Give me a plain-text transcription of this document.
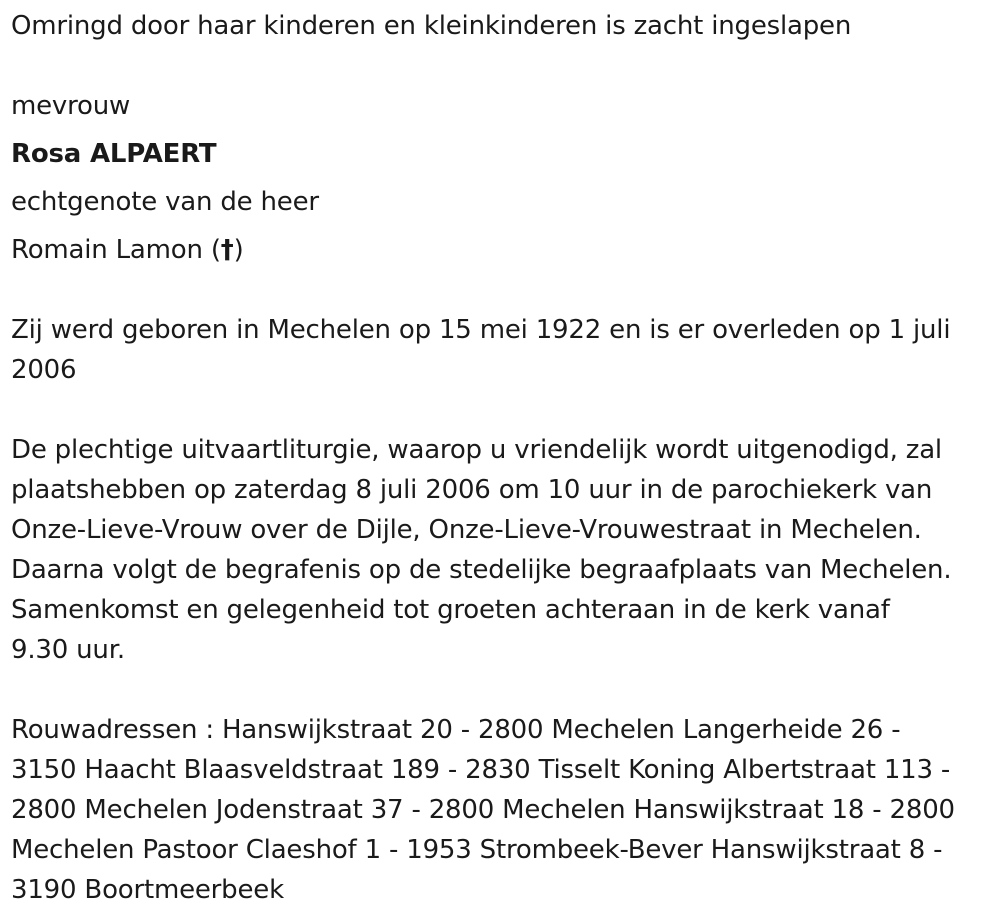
Omringd door haar kinderen en kleinkinderen is zacht ingeslapen
mevrouw
Rosa ALPAERT
echtgenote van de heer
Romain Lamon (†)
Zij werd geboren in Mechelen op 15 mei 1922 en is er overleden op 1 juli
2006
De plechtige uitvaartliturgie, waarop u vriendelijk wordt uitgenodigd, zal
plaatshebben op zaterdag 8 juli 2006 om 10 uur in de parochiekerk van
Onze-Lieve-Vrouw over de Dijle, Onze-Lieve-Vrouwestraat in Mechelen.
Daarna volgt de begrafenis op de stedelijke begraafplaats van Mechelen.
Samenkomst en gelegenheid tot groeten achteraan in de kerk vanaf
9.30 uur.
Rouwadressen : Hanswijkstraat 20 - 2800 Mechelen Langerheide 26 -
3150 Haacht Blaasveldstraat 189 - 2830 Tisselt Koning Albertstraat 113 -
2800 Mechelen Jodenstraat 37 - 2800 Mechelen Hanswijkstraat 18 - 2800
Mechelen Pastoor Claeshof 1 - 1953 Strombeek-Bever Hanswijkstraat 8 -
3190 Boortmeerbeek
